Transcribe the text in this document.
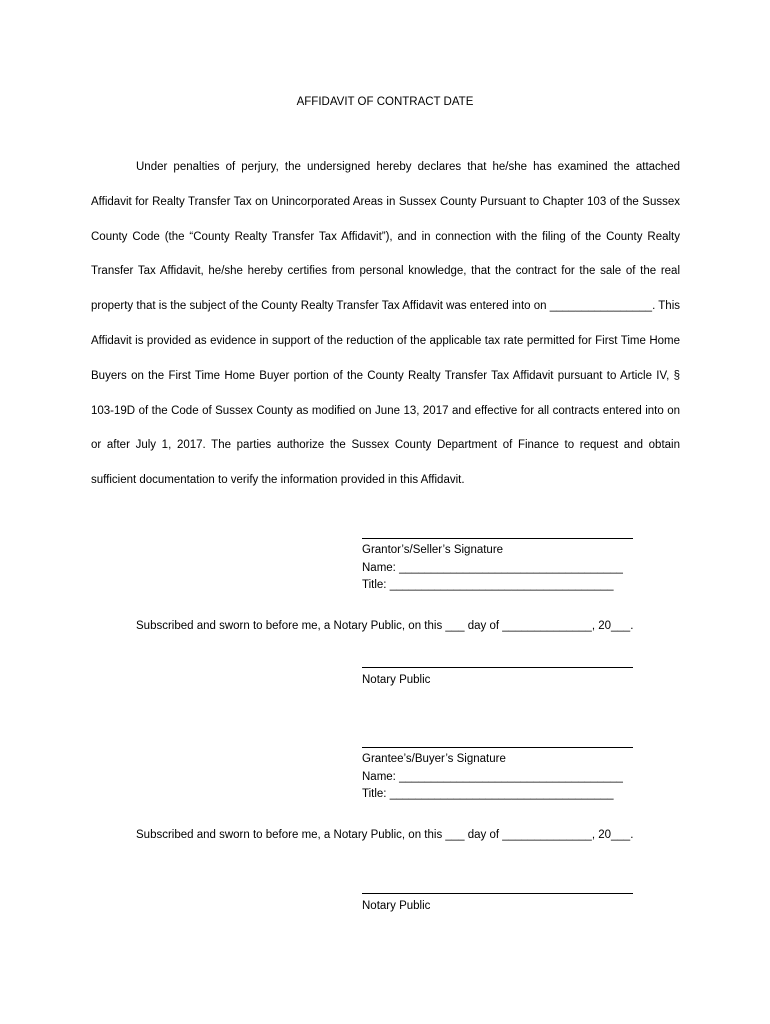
AFFIDAVIT OF CONTRACT DATE

Under penalties of perjury, the undersigned hereby declares that he/she has examined the attached Affidavit for Realty Transfer Tax on Unincorporated Areas in Sussex County Pursuant to Chapter 103 of the Sussex County Code (the “County Realty Transfer Tax Affidavit”), and in connection with the filing of the County Realty Transfer Tax Affidavit, he/she hereby certifies from personal knowledge, that the contract for the sale of the real property that is the subject of the County Realty Transfer Tax Affidavit was entered into on ________________. This Affidavit is provided as evidence in support of the reduction of the applicable tax rate permitted for First Time Home Buyers on the First Time Home Buyer portion of the County Realty Transfer Tax Affidavit pursuant to Article IV, § 103-19D of the Code of Sussex County as modified on June 13, 2017 and effective for all contracts entered into on or after July 1, 2017. The parties authorize the Sussex County Department of Finance to request and obtain sufficient documentation to verify the information provided in this Affidavit.

Grantor’s/Seller’s Signature
Name: ___________________________________
Title: ___________________________________
Subscribed and sworn to before me, a Notary Public, on this ___ day of ______________, 20___.
Notary Public
Grantee’s/Buyer’s Signature
Name: ___________________________________
Title: ___________________________________
Subscribed and sworn to before me, a Notary Public, on this ___ day of ______________, 20___.
Notary Public
